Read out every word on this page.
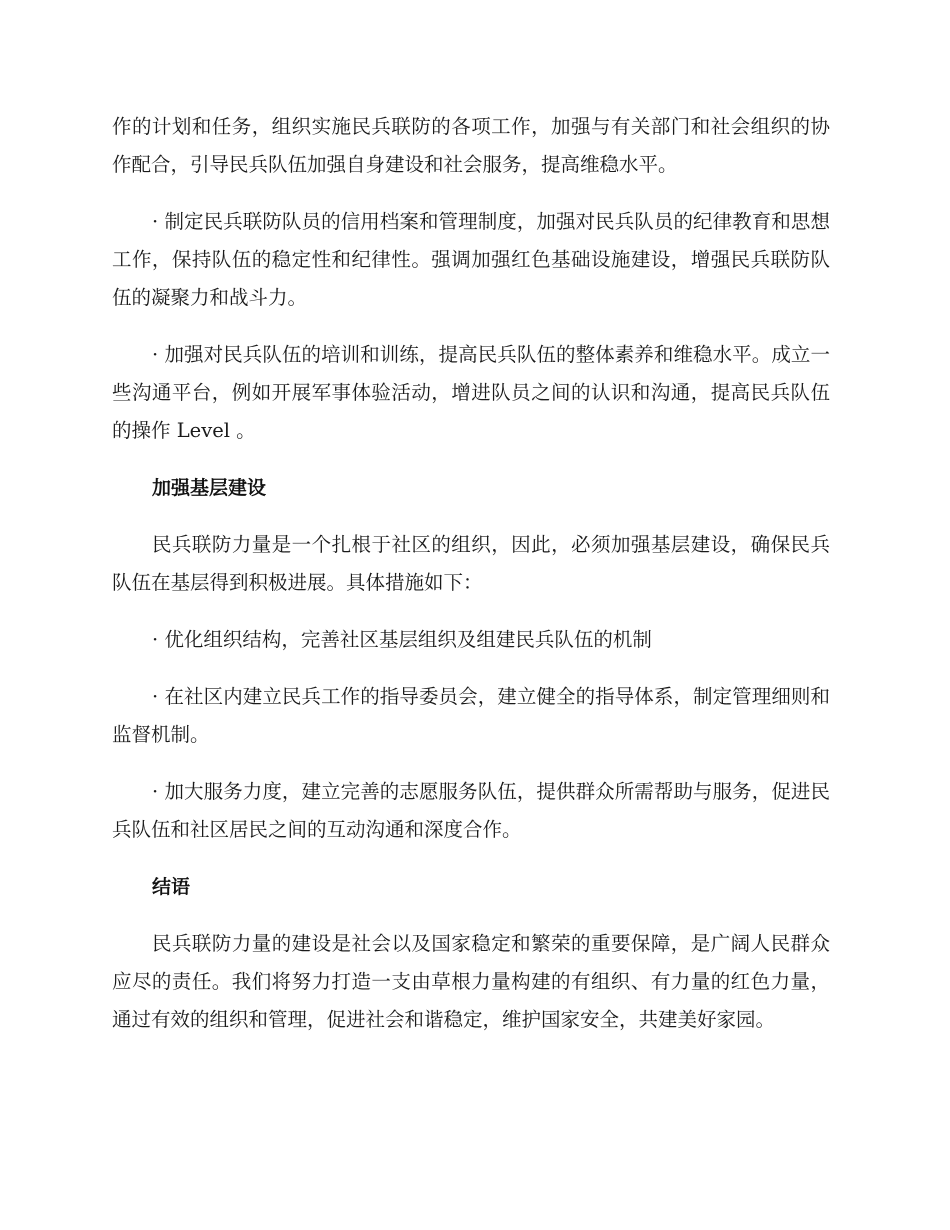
作的计划和任务，组织实施民兵联防的各项工作，加强与有关部门和社会组织的协作配合，引导民兵队伍加强自身建设和社会服务，提高维稳水平。

· 制定民兵联防队员的信用档案和管理制度，加强对民兵队员的纪律教育和思想工作，保持队伍的稳定性和纪律性。强调加强红色基础设施建设，增强民兵联防队伍的凝聚力和战斗力。

· 加强对民兵队伍的培训和训练，提高民兵队伍的整体素养和维稳水平。成立一些沟通平台，例如开展军事体验活动，增进队员之间的认识和沟通，提高民兵队伍的操作 Level 。

加强基层建设

民兵联防力量是一个扎根于社区的组织，因此，必须加强基层建设，确保民兵队伍在基层得到积极进展。具体措施如下：

· 优化组织结构，完善社区基层组织及组建民兵队伍的机制

· 在社区内建立民兵工作的指导委员会，建立健全的指导体系，制定管理细则和监督机制。

· 加大服务力度，建立完善的志愿服务队伍，提供群众所需帮助与服务，促进民兵队伍和社区居民之间的互动沟通和深度合作。

结语

民兵联防力量的建设是社会以及国家稳定和繁荣的重要保障，是广阔人民群众应尽的责任。我们将努力打造一支由草根力量构建的有组织、有力量的红色力量，通过有效的组织和管理，促进社会和谐稳定，维护国家安全，共建美好家园。
